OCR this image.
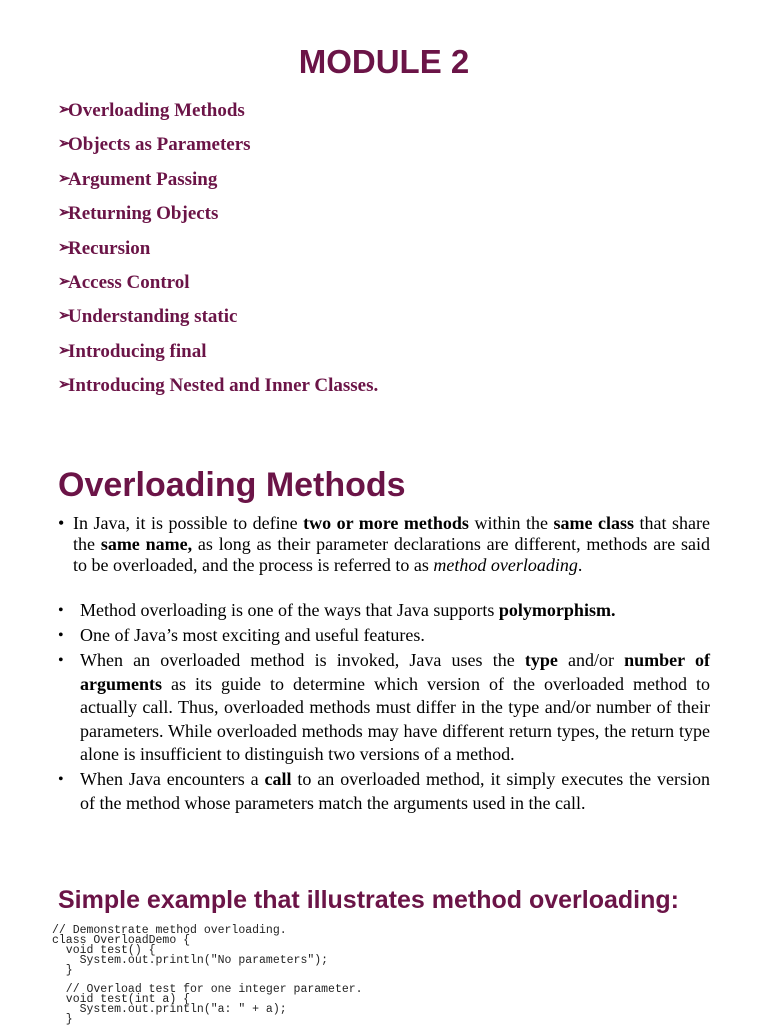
MODULE 2
➢Overloading Methods
➢Objects as Parameters
➢Argument Passing
➢Returning Objects
➢Recursion
➢Access Control
➢Understanding static
➢Introducing final
➢Introducing Nested and Inner Classes.
Overloading Methods
• In Java, it is possible to define two or more methods within the same class that share the same name, as long as their parameter declarations are different, methods are said to be overloaded, and the process is referred to as method overloading.
• Method overloading is one of the ways that Java supports polymorphism.
• One of Java’s most exciting and useful features.
• When an overloaded method is invoked, Java uses the type and/or number of arguments as its guide to determine which version of the overloaded method to actually call. Thus, overloaded methods must differ in the type and/or number of their parameters. While overloaded methods may have different return types, the return type alone is insufficient to distinguish two versions of a method.
• When Java encounters a call to an overloaded method, it simply executes the version of the method whose parameters match the arguments used in the call.
Simple example that illustrates method overloading:
// Demonstrate method overloading.
class OverloadDemo {
void test() {
System.out.println("No parameters");
}
// Overload test for one integer parameter.
void test(int a) {
System.out.println("a: " + a);
}
